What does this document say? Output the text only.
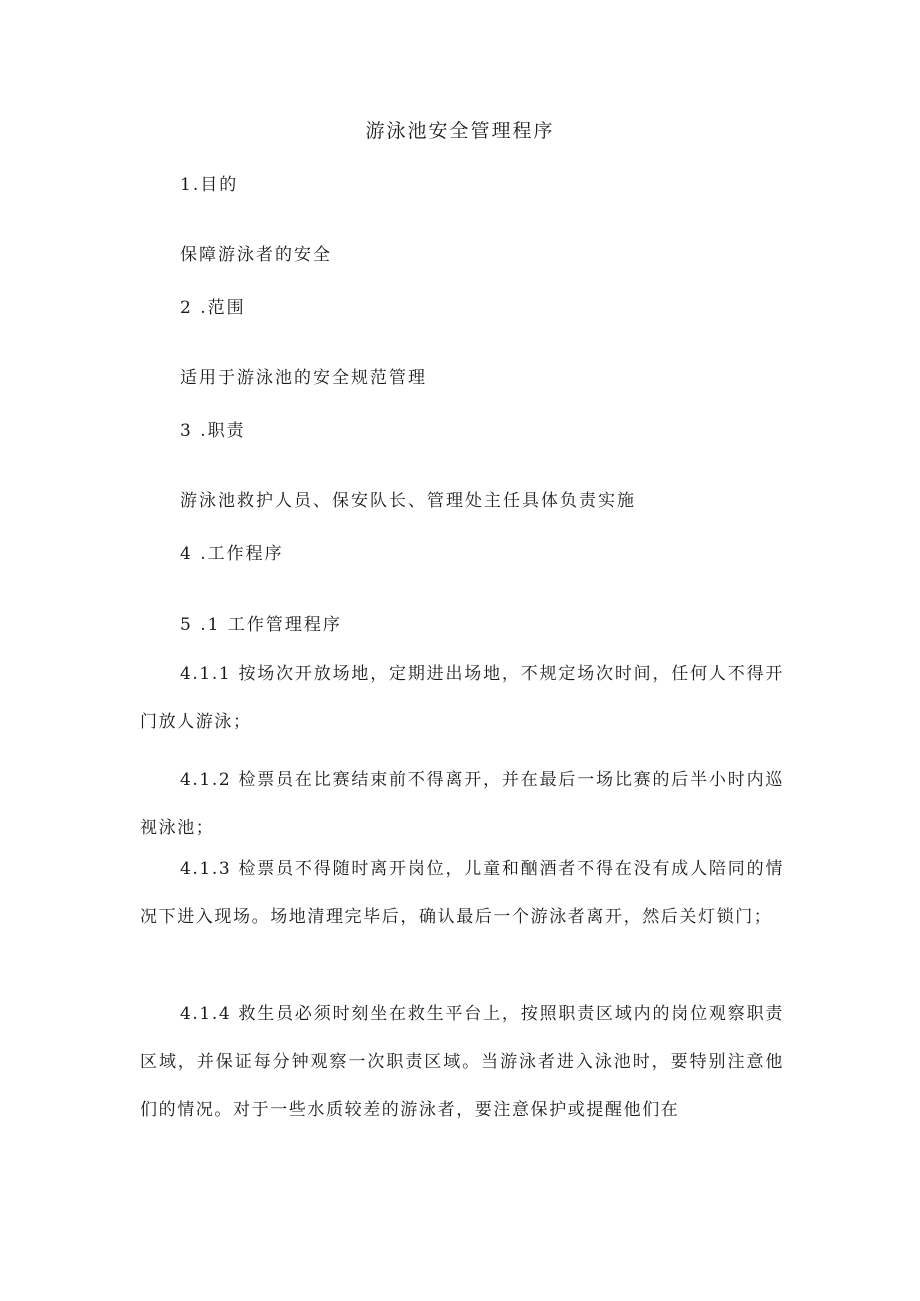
游泳池安全管理程序

1.目的

保障游泳者的安全

2 .范围

适用于游泳池的安全规范管理

3 .职责

游泳池救护人员、保安队长、管理处主任具体负责实施

4 .工作程序

5 .1 工作管理程序

4.1.1 按场次开放场地，定期进出场地，不规定场次时间，任何人不得开门放人游泳；

4.1.2 检票员在比赛结束前不得离开，并在最后一场比赛的后半小时内巡视泳池；

4.1.3 检票员不得随时离开岗位，儿童和酗酒者不得在没有成人陪同的情况下进入现场。场地清理完毕后，确认最后一个游泳者离开，然后关灯锁门；

4.1.4 救生员必须时刻坐在救生平台上，按照职责区域内的岗位观察职责区域，并保证每分钟观察一次职责区域。当游泳者进入泳池时，要特别注意他们的情况。对于一些水质较差的游泳者，要注意保护或提醒他们在
